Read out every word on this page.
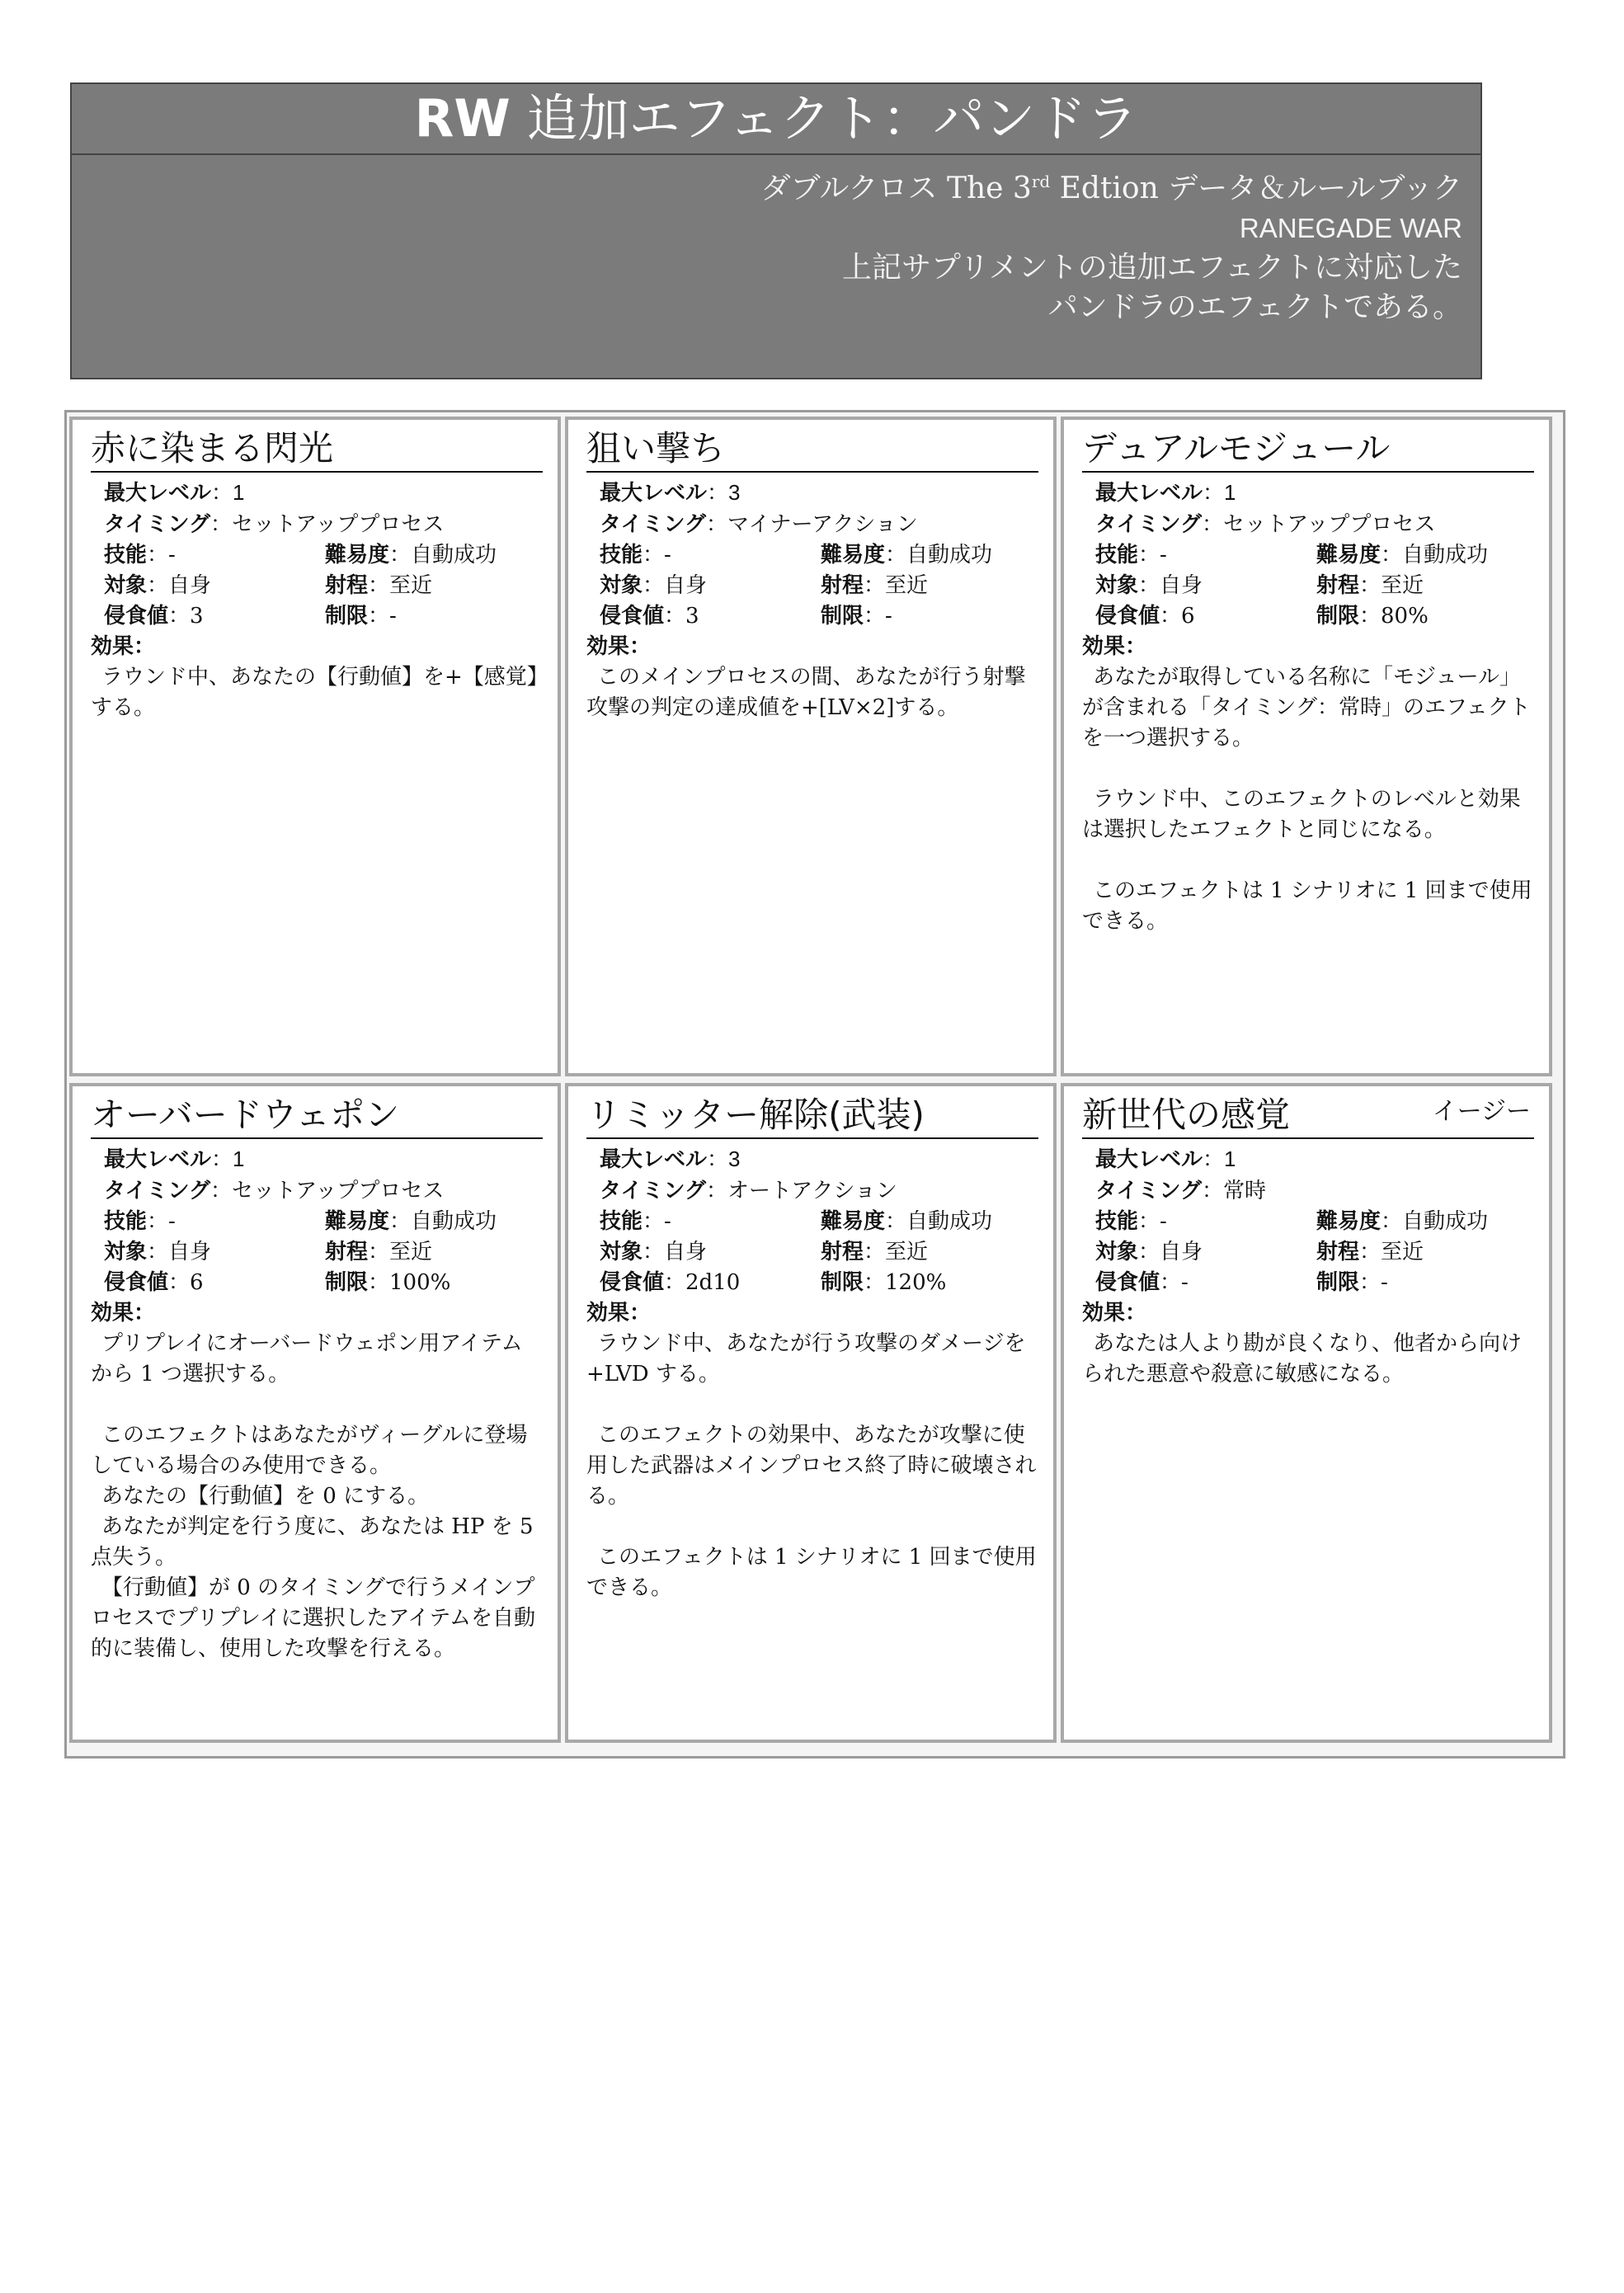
RW 追加エフェクト：パンドラ
ダブルクロス The 3rd Edtion データ＆ルールブック
RANEGADE WAR
上記サプリメントの追加エフェクトに対応した
パンドラのエフェクトである。
赤に染まる閃光
最大レベル：1
タイミング：セットアッププロセス
技能：-	難易度：自動成功
対象：自身	射程：至近
侵食値：3	制限：-
効果：

ラウンド中、あなたの【行動値】を+【感覚】する。

狙い撃ち
最大レベル：3
タイミング：マイナーアクション
技能：-	難易度：自動成功
対象：自身	射程：至近
侵食値：3	制限：-
効果：

このメインプロセスの間、あなたが行う射撃攻撃の判定の達成値を+[LV×2]する。

デュアルモジュール
最大レベル：1
タイミング：セットアッププロセス
技能：-	難易度：自動成功
対象：自身	射程：至近
侵食値：6	制限：80%
効果：

あなたが取得している名称に「モジュール」が含まれる「タイミング：常時」のエフェクトを一つ選択する。

ラウンド中、このエフェクトのレベルと効果は選択したエフェクトと同じになる。

このエフェクトは 1 シナリオに 1 回まで使用できる。

オーバードウェポン
最大レベル：1
タイミング：セットアッププロセス
技能：-	難易度：自動成功
対象：自身	射程：至近
侵食値：6	制限：100%
効果：

プリプレイにオーバードウェポン用アイテムから 1 つ選択する。

このエフェクトはあなたがヴィーグルに登場している場合のみ使用できる。

あなたの【行動値】を 0 にする。

あなたが判定を行う度に、あなたは HP を 5 点失う。

【行動値】が 0 のタイミングで行うメインプロセスでプリプレイに選択したアイテムを自動的に装備し、使用した攻撃を行える。

リミッター解除(武装)
最大レベル：3
タイミング：オートアクション
技能：-	難易度：自動成功
対象：自身	射程：至近
侵食値：2d10	制限：120%
効果：

ラウンド中、あなたが行う攻撃のダメージを+LVD する。

このエフェクトの効果中、あなたが攻撃に使用した武器はメインプロセス終了時に破壊される。

このエフェクトは 1 シナリオに 1 回まで使用できる。

新世代の感覚	イージー
最大レベル：1
タイミング：常時
技能：-	難易度：自動成功
対象：自身	射程：至近
侵食値：-	制限：-
効果：

あなたは人より勘が良くなり、他者から向けられた悪意や殺意に敏感になる。
